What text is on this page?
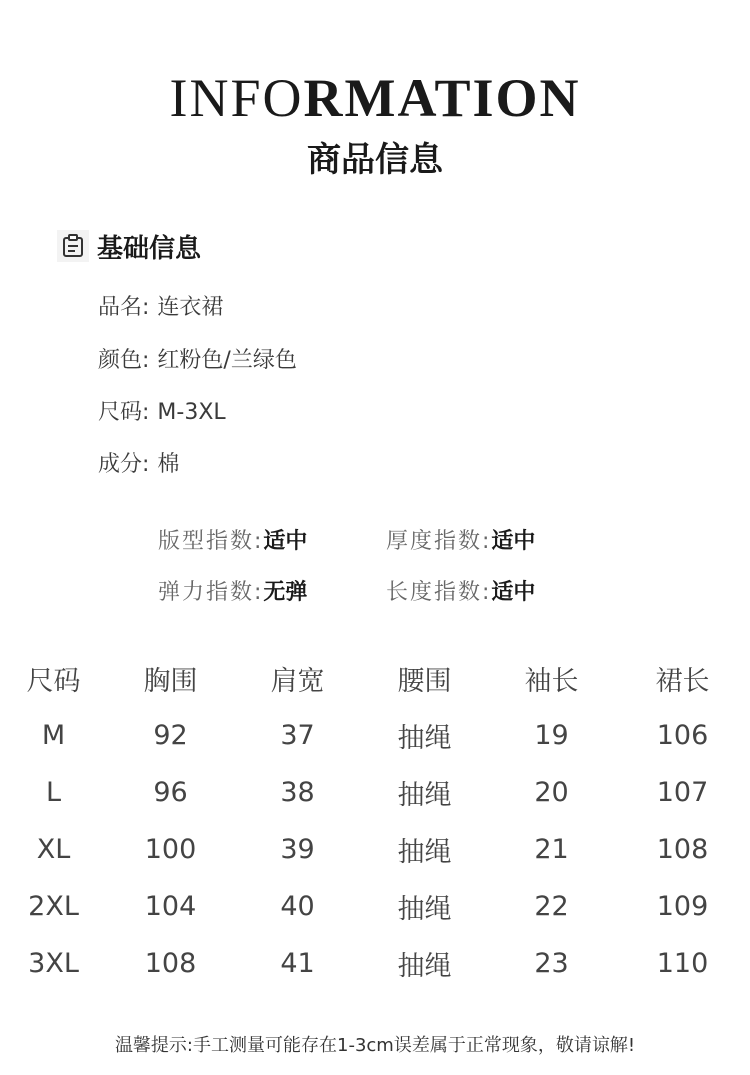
INFORMATION
商品信息
基础信息
品名: 连衣裙
颜色: 红粉色/兰绿色
尺码: M-3XL
成分: 棉
版型指数:适中	厚度指数:适中
弹力指数:无弹	长度指数:适中
尺码	胸围	肩宽	腰围	袖长	裙长
M	92	37	抽绳	19	106
L	96	38	抽绳	20	107
XL	100	39	抽绳	21	108
2XL	104	40	抽绳	22	109
3XL	108	41	抽绳	23	110
温馨提示:手工测量可能存在1-3cm误差属于正常现象，敬请谅解!
